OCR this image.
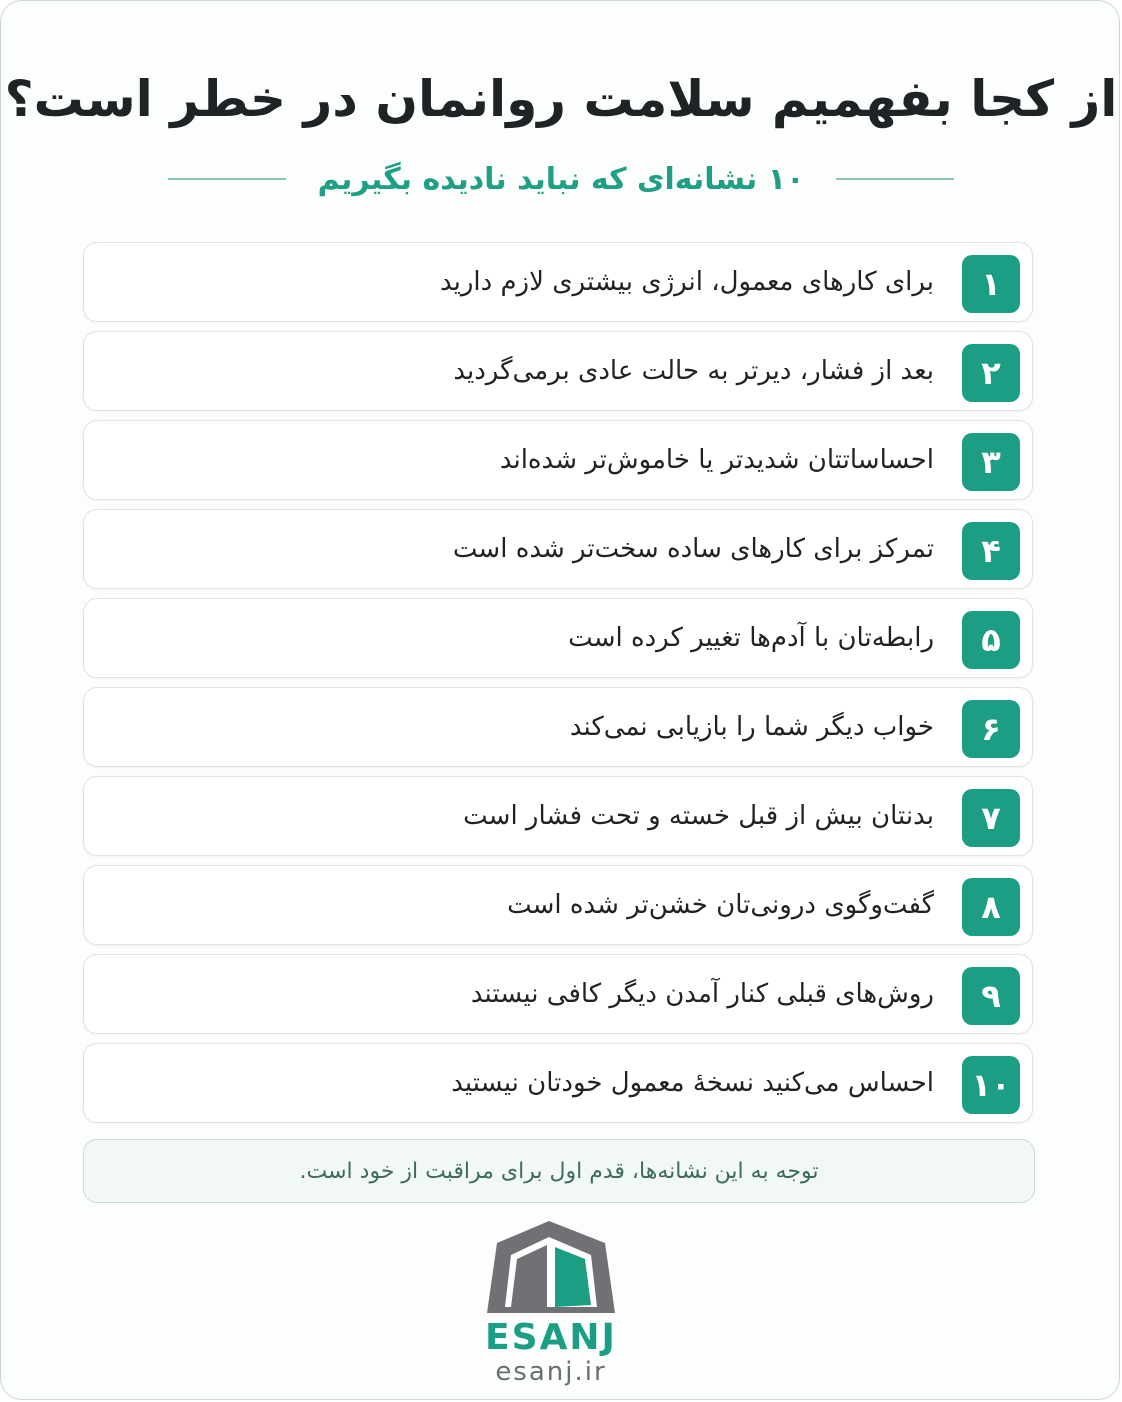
از کجا بفهمیم سلامت روانمان در خطر است؟
۱۰ نشانه‌ای که نباید نادیده بگیریم
۱
برای کارهای معمول، انرژی بیشتری لازم دارید
۲
بعد از فشار، دیرتر به حالت عادی برمی‌گردید
۳
احساساتتان شدیدتر یا خاموش‌تر شده‌اند
۴
تمرکز برای کارهای ساده سخت‌تر شده است
۵
رابطه‌تان با آدم‌ها تغییر کرده است
۶
خواب دیگر شما را بازیابی نمی‌کند
۷
بدنتان بیش از قبل خسته و تحت فشار است
۸
گفت‌وگوی درونی‌تان خشن‌تر شده است
۹
روش‌های قبلی کنار آمدن دیگر کافی نیستند
۱۰
احساس می‌کنید نسخهٔ معمول خودتان نیستید
توجه به این نشانه‌ها، قدم اول برای مراقبت از خود است.
ESANJ
esanj.ir
